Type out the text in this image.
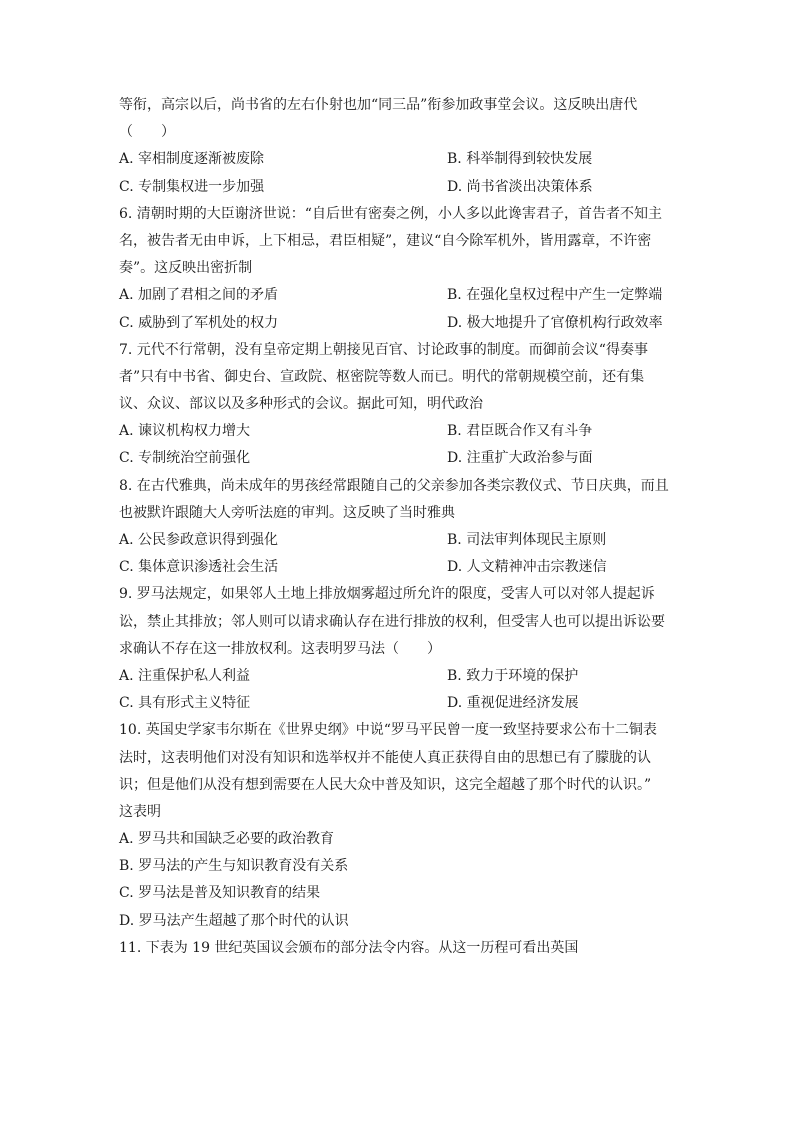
等衔，高宗以后，尚书省的左右仆射也加“同三品”衔参加政事堂会议。这反映出唐代
（　　）
A. 宰相制度逐渐被废除	B. 科举制得到较快发展
C. 专制集权进一步加强	D. 尚书省淡出决策体系
6. 清朝时期的大臣谢济世说：“自后世有密奏之例，小人多以此谗害君子，首告者不知主
名，被告者无由申诉，上下相忌，君臣相疑”，建议“自今除军机外，皆用露章，不许密
奏”。这反映出密折制
A. 加剧了君相之间的矛盾	B. 在强化皇权过程中产生一定弊端
C. 威胁到了军机处的权力	D. 极大地提升了官僚机构行政效率
7. 元代不行常朝，没有皇帝定期上朝接见百官、讨论政事的制度。而御前会议“得奏事
者”只有中书省、御史台、宣政院、枢密院等数人而已。明代的常朝规模空前，还有集
议、众议、部议以及多种形式的会议。据此可知，明代政治
A. 谏议机构权力增大	B. 君臣既合作又有斗争
C. 专制统治空前强化	D. 注重扩大政治参与面
8. 在古代雅典，尚未成年的男孩经常跟随自己的父亲参加各类宗教仪式、节日庆典，而且
也被默许跟随大人旁听法庭的审判。这反映了当时雅典
A. 公民参政意识得到强化	B. 司法审判体现民主原则
C. 集体意识渗透社会生活	D. 人文精神冲击宗教迷信
9. 罗马法规定，如果邻人土地上排放烟雾超过所允许的限度，受害人可以对邻人提起诉
讼，禁止其排放；邻人则可以请求确认存在进行排放的权利，但受害人也可以提出诉讼要
求确认不存在这一排放权利。这表明罗马法（　　）
A. 注重保护私人利益	B. 致力于环境的保护
C. 具有形式主义特征	D. 重视促进经济发展
10. 英国史学家韦尔斯在《世界史纲》中说“罗马平民曾一度一致坚持要求公布十二铜表
法时，这表明他们对没有知识和选举权并不能使人真正获得自由的思想已有了朦胧的认
识；但是他们从没有想到需要在人民大众中普及知识，这完全超越了那个时代的认识。”
这表明
A. 罗马共和国缺乏必要的政治教育
B. 罗马法的产生与知识教育没有关系
C. 罗马法是普及知识教育的结果
D. 罗马法产生超越了那个时代的认识
11. 下表为 19 世纪英国议会颁布的部分法令内容。从这一历程可看出英国
